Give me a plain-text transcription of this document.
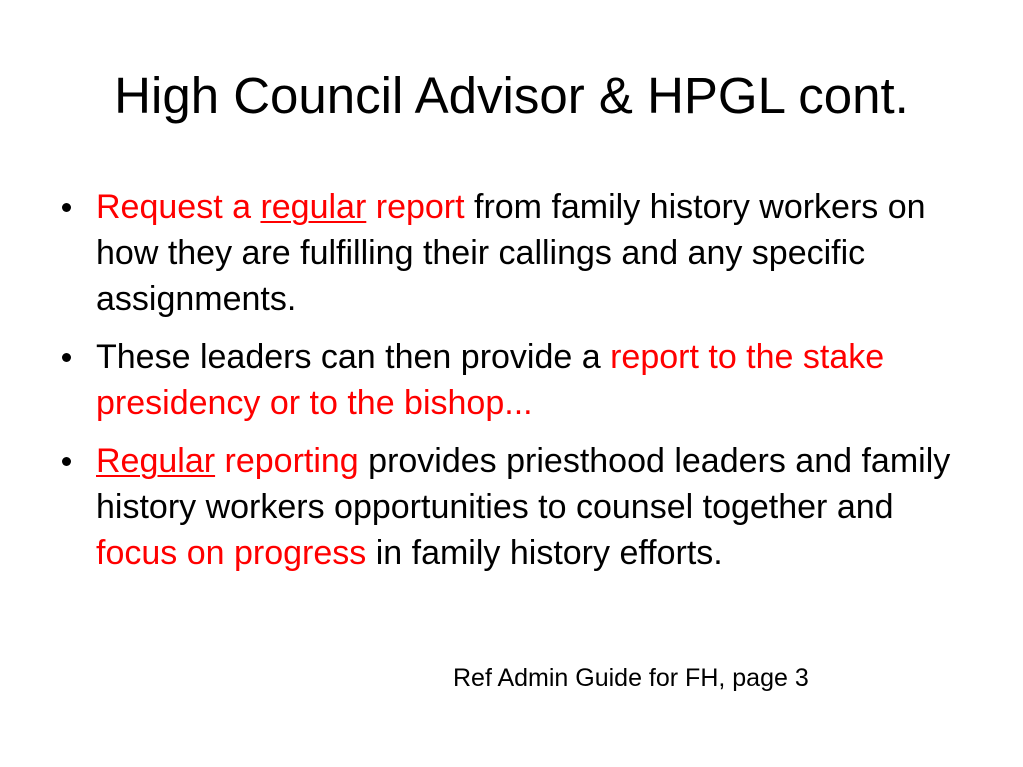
High Council Advisor & HPGL cont.
Request a regular report from family history workers on how they are fulfilling their callings and any specific assignments.
These leaders can then provide a report to the stake presidency or to the bishop...
Regular reporting provides priesthood leaders and family history workers opportunities to counsel together and focus on progress in family history efforts.
Ref Admin Guide for FH, page 3
